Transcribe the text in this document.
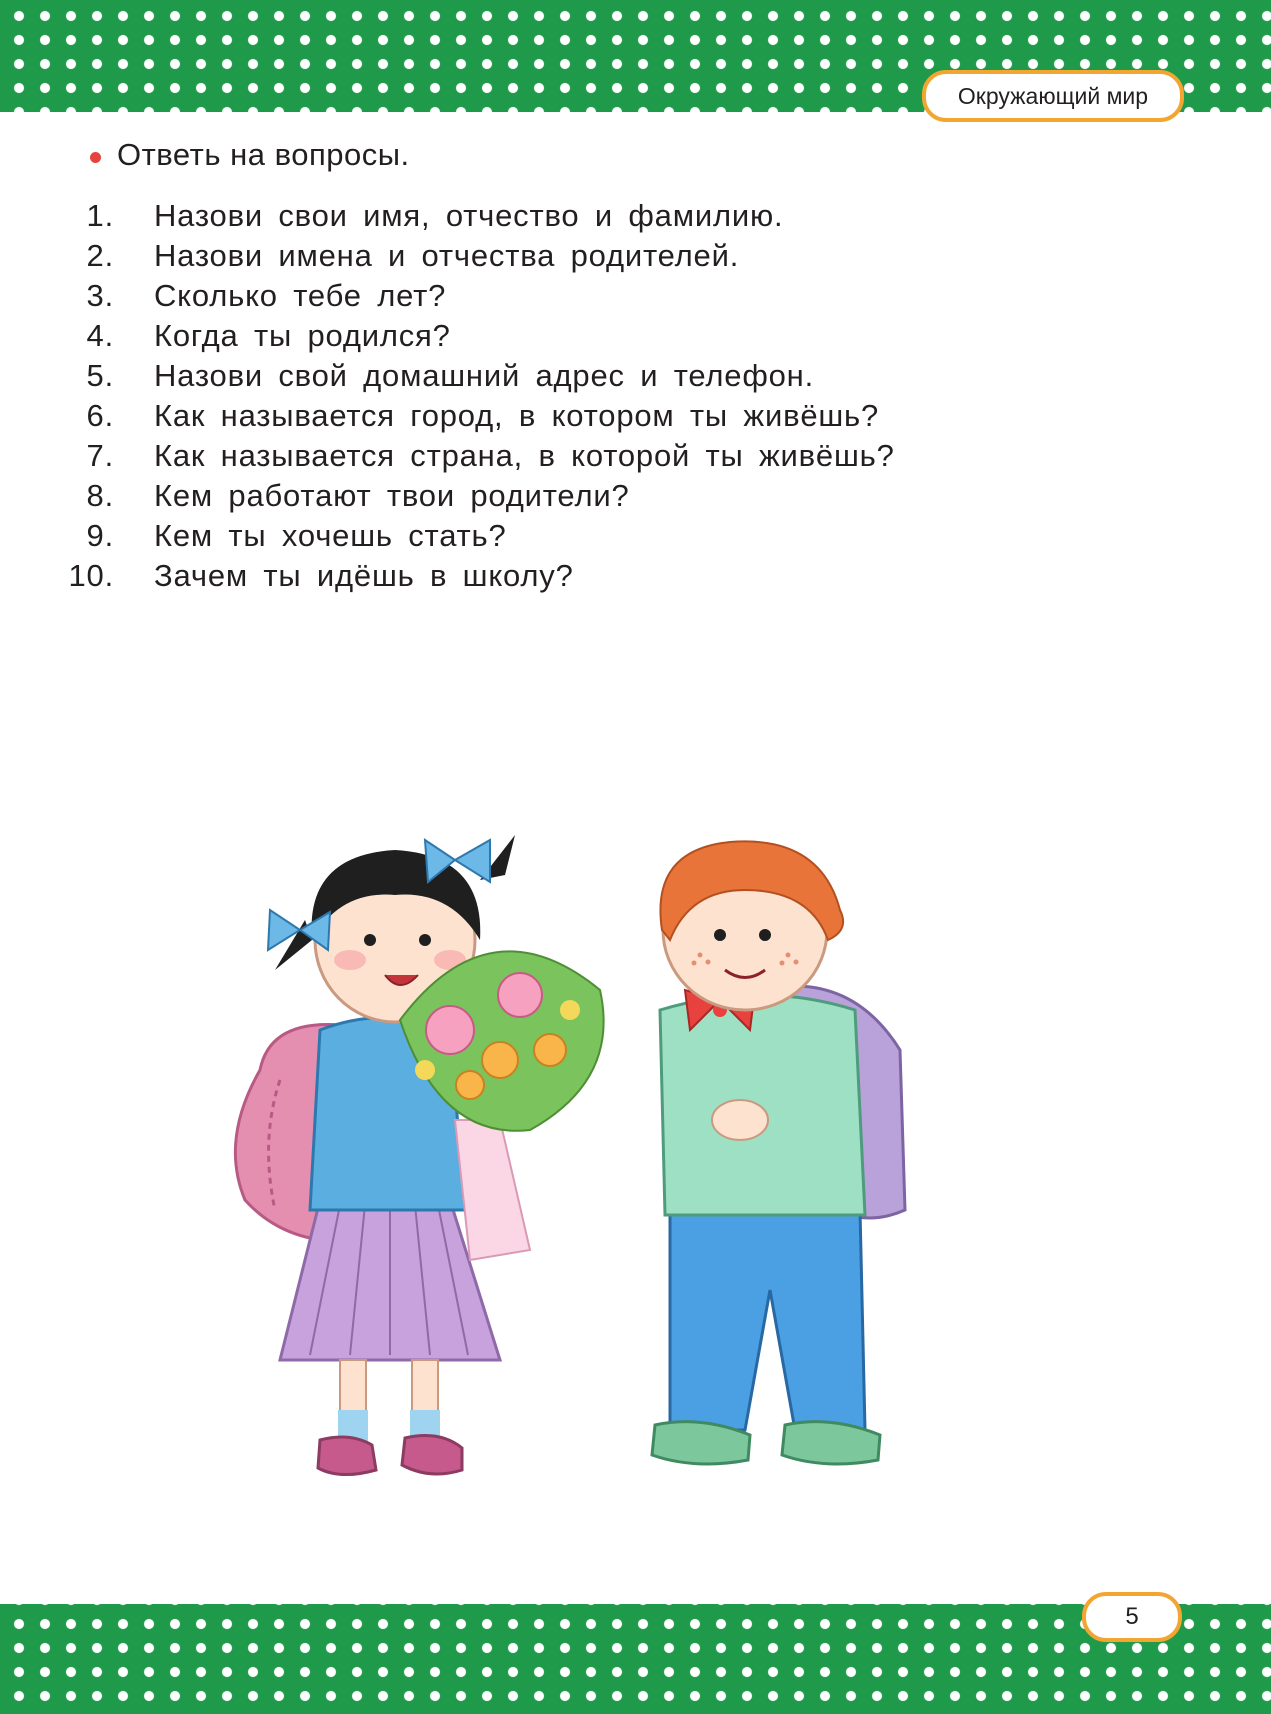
Окружающий мир
Ответь на вопросы.
1.	Назови свои имя, отчество и фамилию.
2.	Назови имена и отчества родителей.
3.	Сколько тебе лет?
4.	Когда ты родился?
5.	Назови свой домашний адрес и телефон.
6.	Как называется город, в котором ты живёшь?
7.	Как называется страна, в которой ты живёшь?
8.	Кем работают твои родители?
9.	Кем ты хочешь стать?
10.	Зачем ты идёшь в школу?
5
